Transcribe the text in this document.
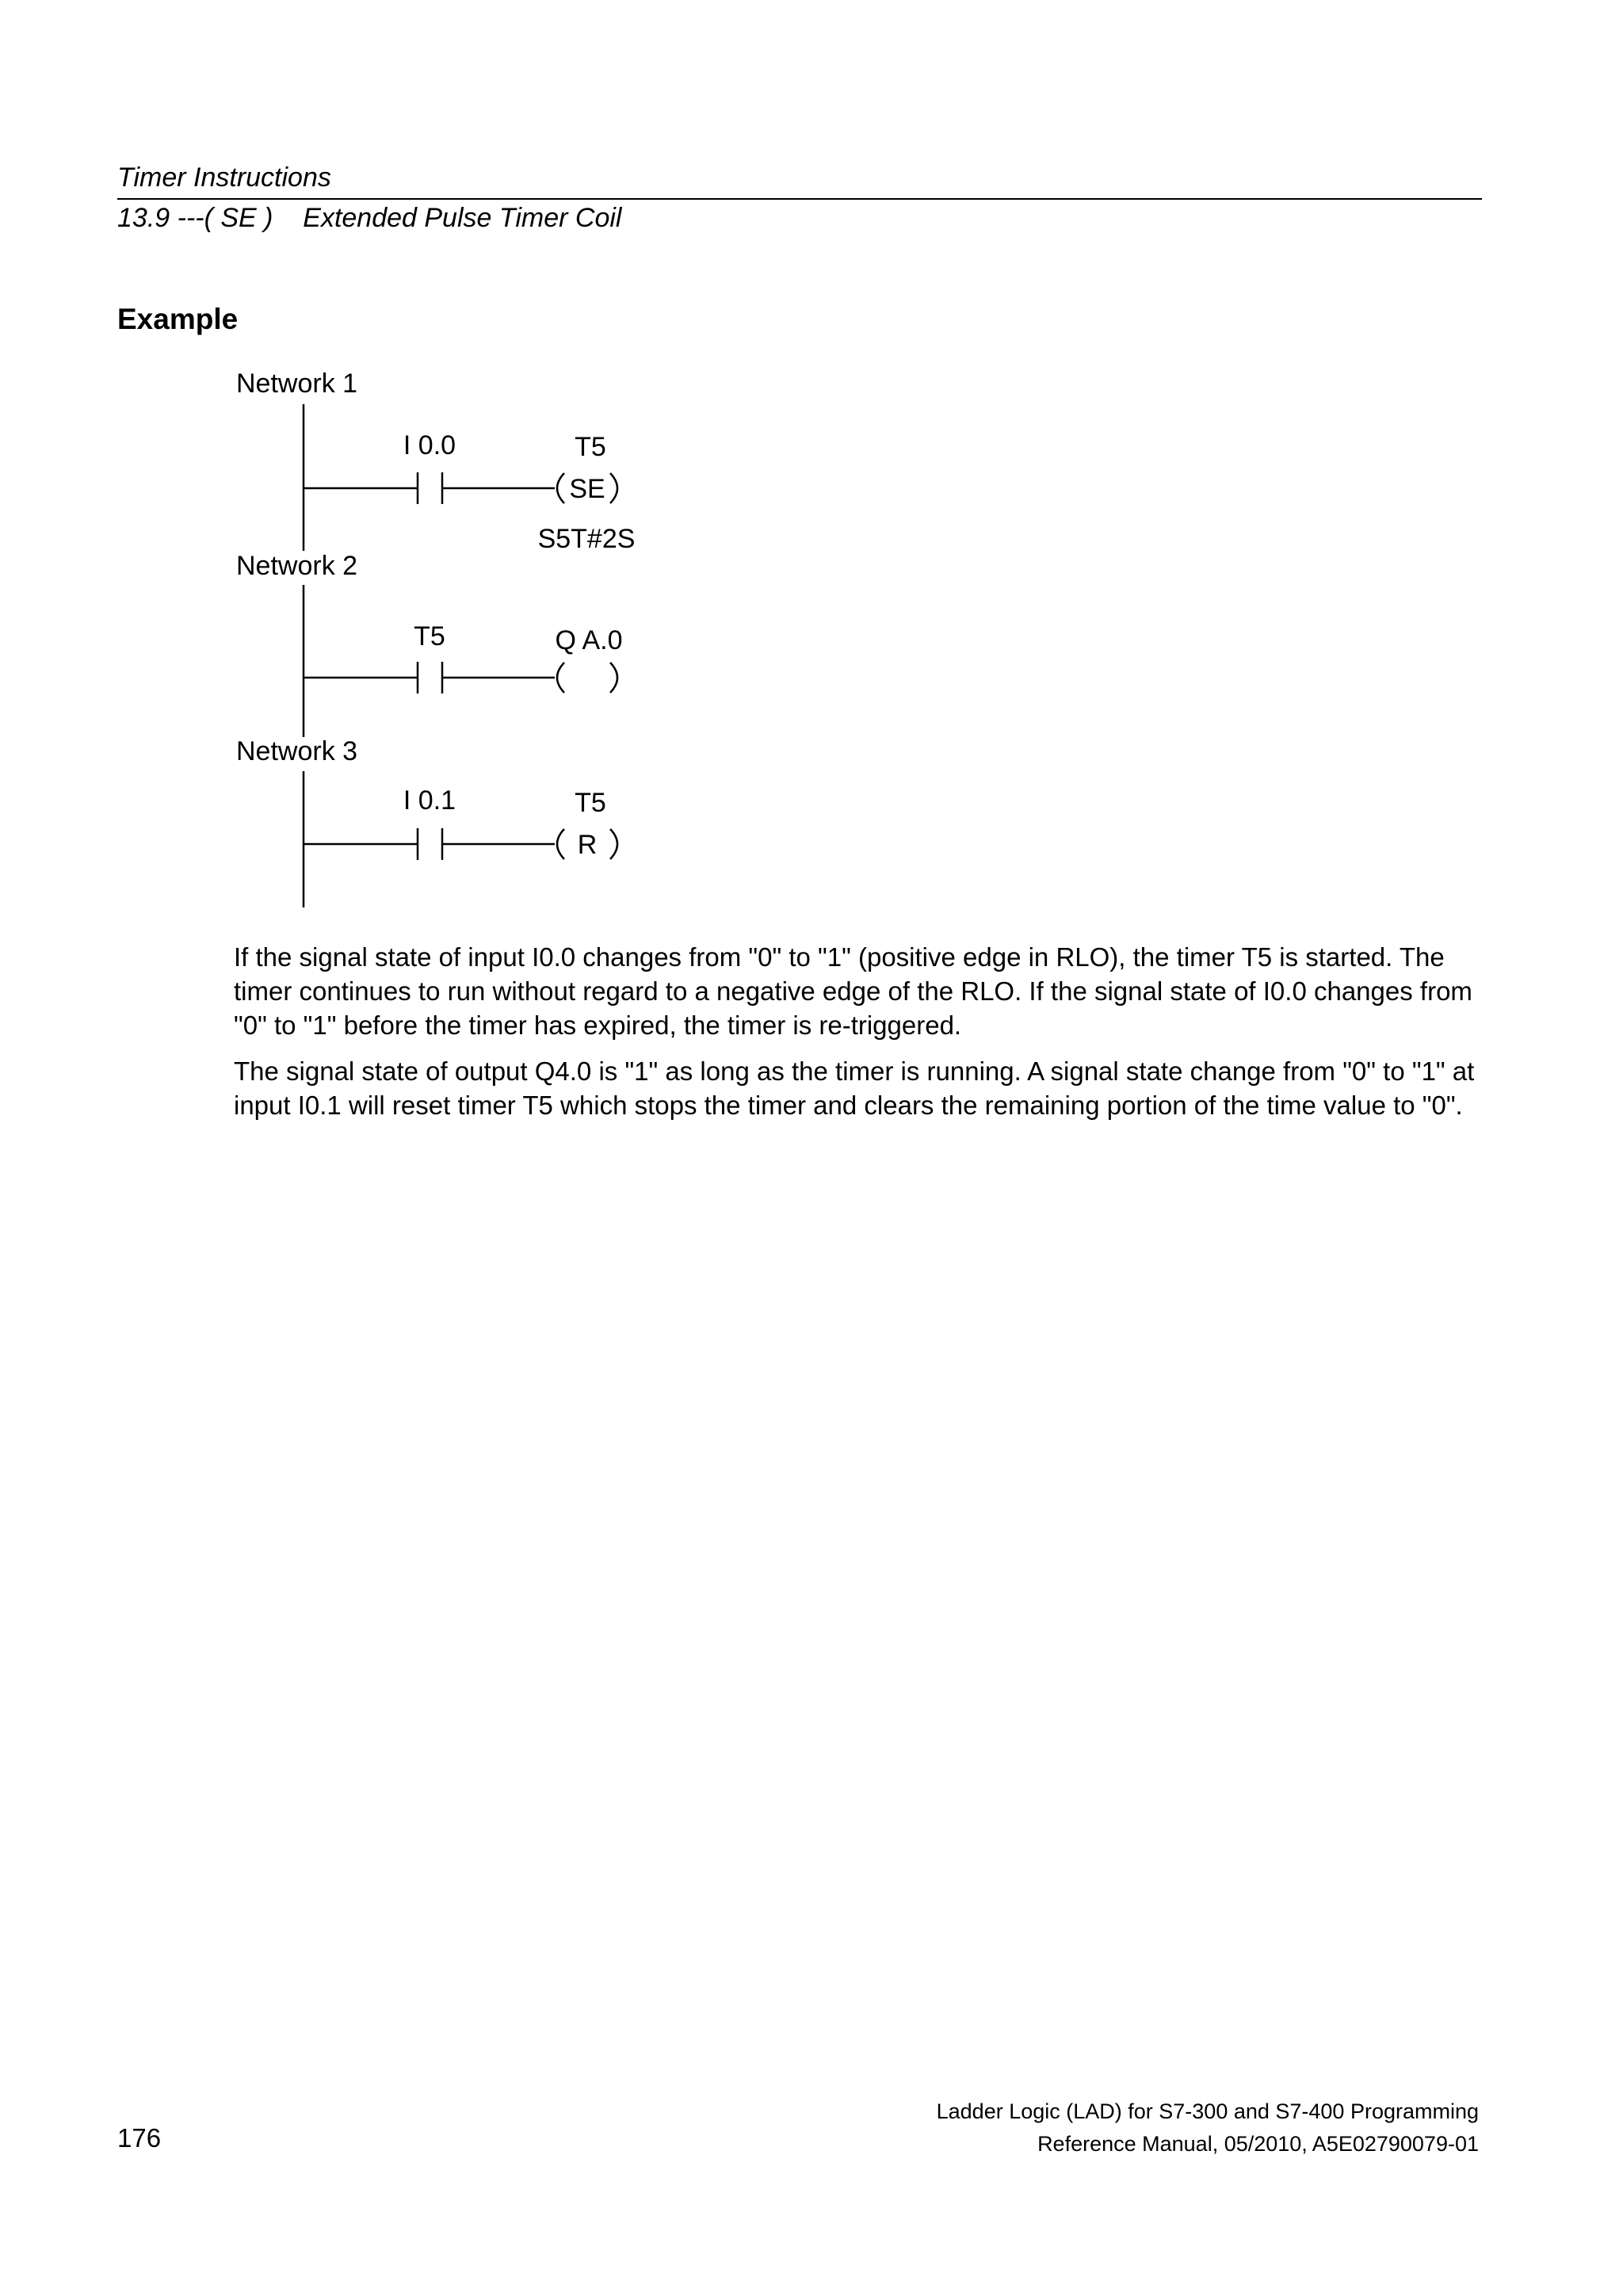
Timer Instructions
13.9 ---( SE )    Extended Pulse Timer Coil
Example
Network 1
I 0.0	T5
SE
S5T#2S
Network 2
T5	Q A.0
Network 3
I 0.1	T5
R

If the signal state of input I0.0 changes from "0" to "1" (positive edge in RLO), the timer T5 is started. The timer continues to run without regard to a negative edge of the RLO. If the signal state of I0.0 changes from "0" to "1" before the timer has expired, the timer is re-triggered.

The signal state of output Q4.0 is "1" as long as the timer is running. A signal state change from "0" to "1" at input I0.1 will reset timer T5 which stops the timer and clears the remaining portion of the time value to "0".

Ladder Logic (LAD) for S7-300 and S7-400 Programming
Reference Manual, 05/2010, A5E02790079-01
176
